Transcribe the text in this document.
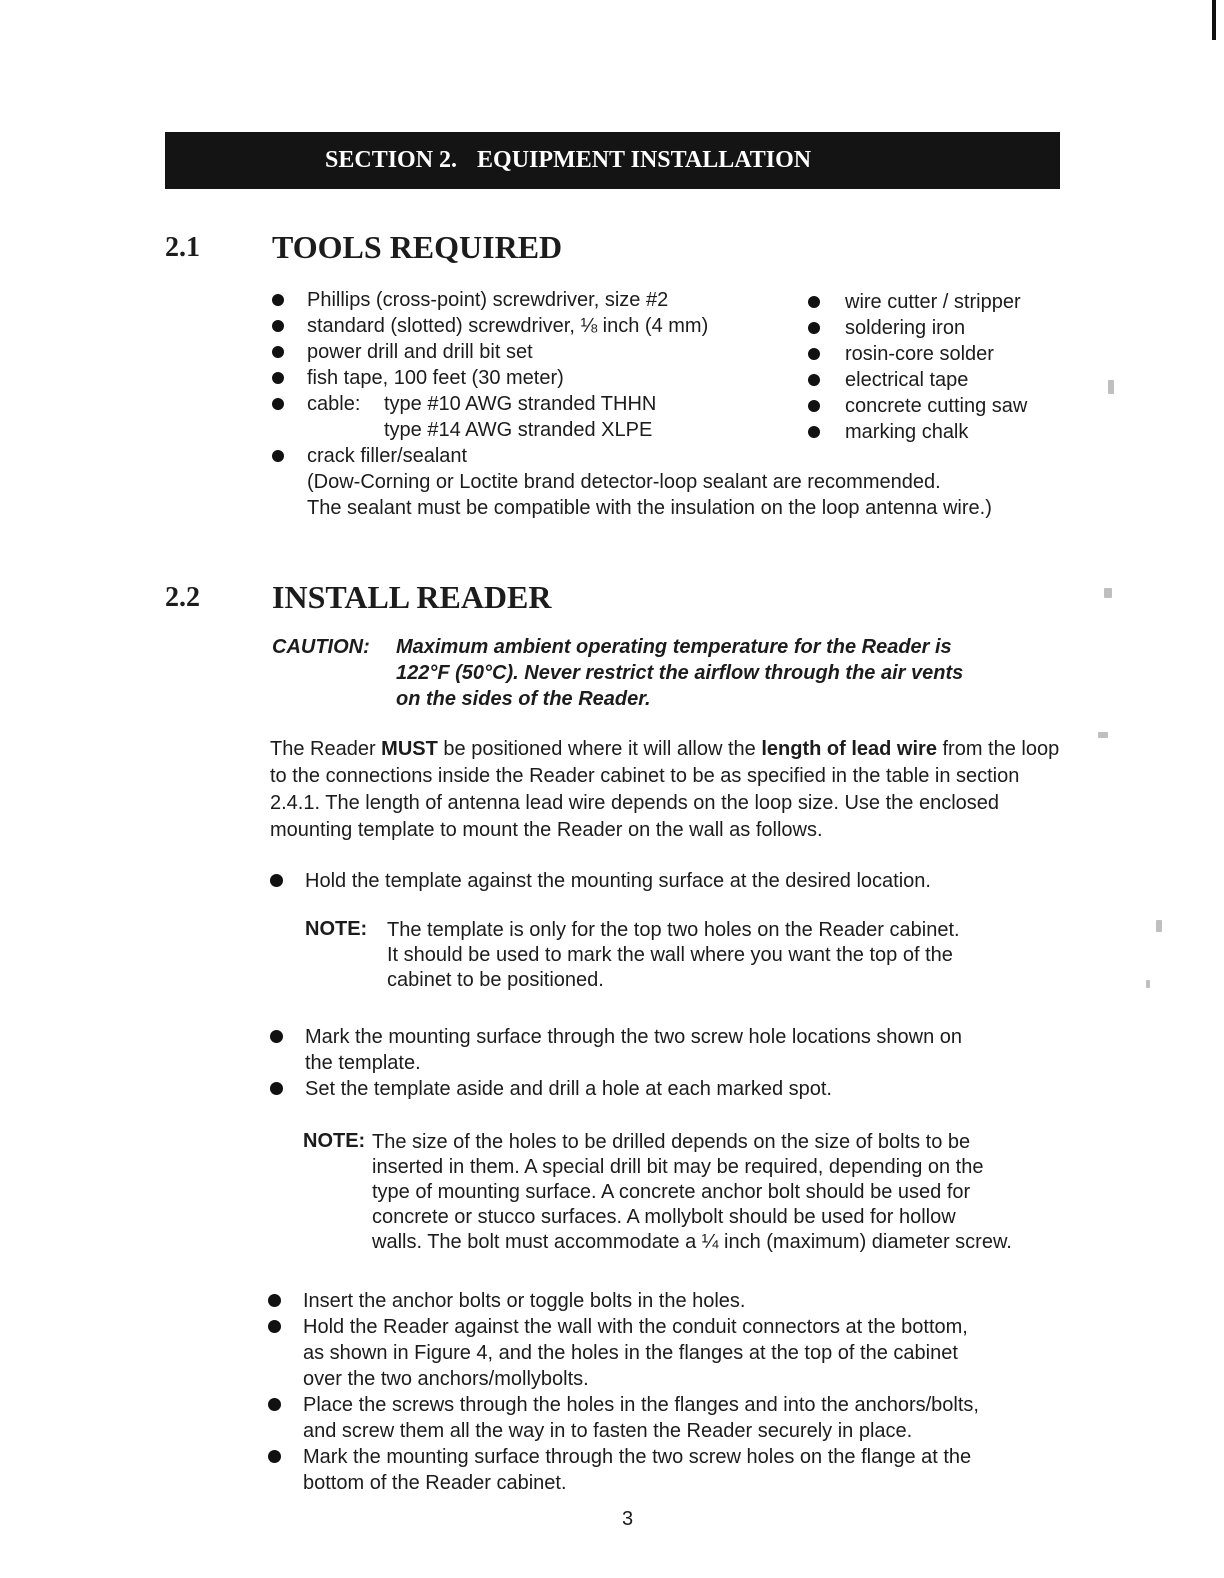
SECTION 2. EQUIPMENT INSTALLATION
2.1 TOOLS REQUIRED
Phillips (cross-point) screwdriver, size #2
standard (slotted) screwdriver, ⅛ inch (4 mm)
power drill and drill bit set
fish tape, 100 feet (30 meter)
cable: type #10 AWG stranded THHN
type #14 AWG stranded XLPE
crack filler/sealant
(Dow-Corning or Loctite brand detector-loop sealant are recommended.
The sealant must be compatible with the insulation on the loop antenna wire.)
wire cutter / stripper
soldering iron
rosin-core solder
electrical tape
concrete cutting saw
marking chalk
2.2 INSTALL READER
CAUTION: Maximum ambient operating temperature for the Reader is
122°F (50°C). Never restrict the airflow through the air vents
on the sides of the Reader.
The Reader MUST be positioned where it will allow the length of lead wire from the loop to the connections inside the Reader cabinet to be as specified in the table in section 2.4.1. The length of antenna lead wire depends on the loop size. Use the enclosed mounting template to mount the Reader on the wall as follows.
Hold the template against the mounting surface at the desired location.
NOTE: The template is only for the top two holes on the Reader cabinet.
It should be used to mark the wall where you want the top of the
cabinet to be positioned.
Mark the mounting surface through the two screw hole locations shown on
the template.
Set the template aside and drill a hole at each marked spot.
NOTE: The size of the holes to be drilled depends on the size of bolts to be
inserted in them. A special drill bit may be required, depending on the
type of mounting surface. A concrete anchor bolt should be used for
concrete or stucco surfaces. A mollybolt should be used for hollow
walls. The bolt must accommodate a ¼ inch (maximum) diameter screw.
Insert the anchor bolts or toggle bolts in the holes.
Hold the Reader against the wall with the conduit connectors at the bottom,
as shown in Figure 4, and the holes in the flanges at the top of the cabinet
over the two anchors/mollybolts.
Place the screws through the holes in the flanges and into the anchors/bolts,
and screw them all the way in to fasten the Reader securely in place.
Mark the mounting surface through the two screw holes on the flange at the
bottom of the Reader cabinet.
3
